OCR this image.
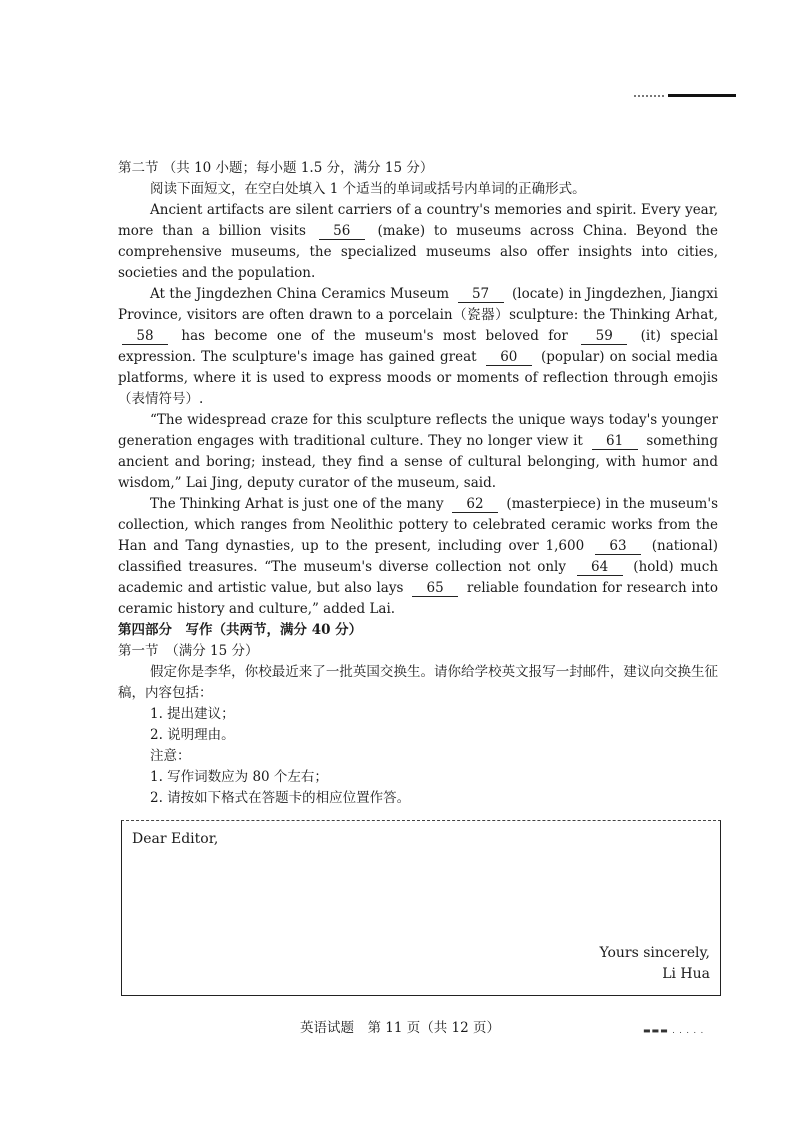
第二节 （共 10 小题；每小题 1.5 分，满分 15 分）

阅读下面短文，在空白处填入 1 个适当的单词或括号内单词的正确形式。

Ancient artifacts are silent carriers of a country's memories and spirit. Every year, more than a billion visits 56 (make) to museums across China. Beyond the comprehensive museums, the specialized museums also offer insights into cities, societies and the population.

At the Jingdezhen China Ceramics Museum 57 (locate) in Jingdezhen, Jiangxi Province, visitors are often drawn to a porcelain（瓷器）sculpture: the Thinking Arhat, 58 has become one of the museum's most beloved for 59 (it) special expression. The sculpture's image has gained great 60 (popular) on social media platforms, where it is used to express moods or moments of reflection through emojis（表情符号）.

“The widespread craze for this sculpture reflects the unique ways today's younger generation engages with traditional culture. They no longer view it 61 something ancient and boring; instead, they find a sense of cultural belonging, with humor and wisdom,” Lai Jing, deputy curator of the museum, said.

The Thinking Arhat is just one of the many 62 (masterpiece) in the museum's collection, which ranges from Neolithic pottery to celebrated ceramic works from the Han and Tang dynasties, up to the present, including over 1,600 63 (national) classified treasures. “The museum's diverse collection not only 64 (hold) much academic and artistic value, but also lays 65 reliable foundation for research into ceramic history and culture,” added Lai.

第四部分　写作（共两节，满分 40 分）

第一节　（满分 15 分）

假定你是李华，你校最近来了一批英国交换生。请你给学校英文报写一封邮件，建议向交换生征稿，内容包括：

1. 提出建议；

2. 说明理由。

注意：

1. 写作词数应为 80 个左右；

2. 请按如下格式在答题卡的相应位置作答。

Dear Editor,
Yours sincerely,
Li Hua
英语试题　第 11 页（共 12 页）	▬▬▬ . . . . .
